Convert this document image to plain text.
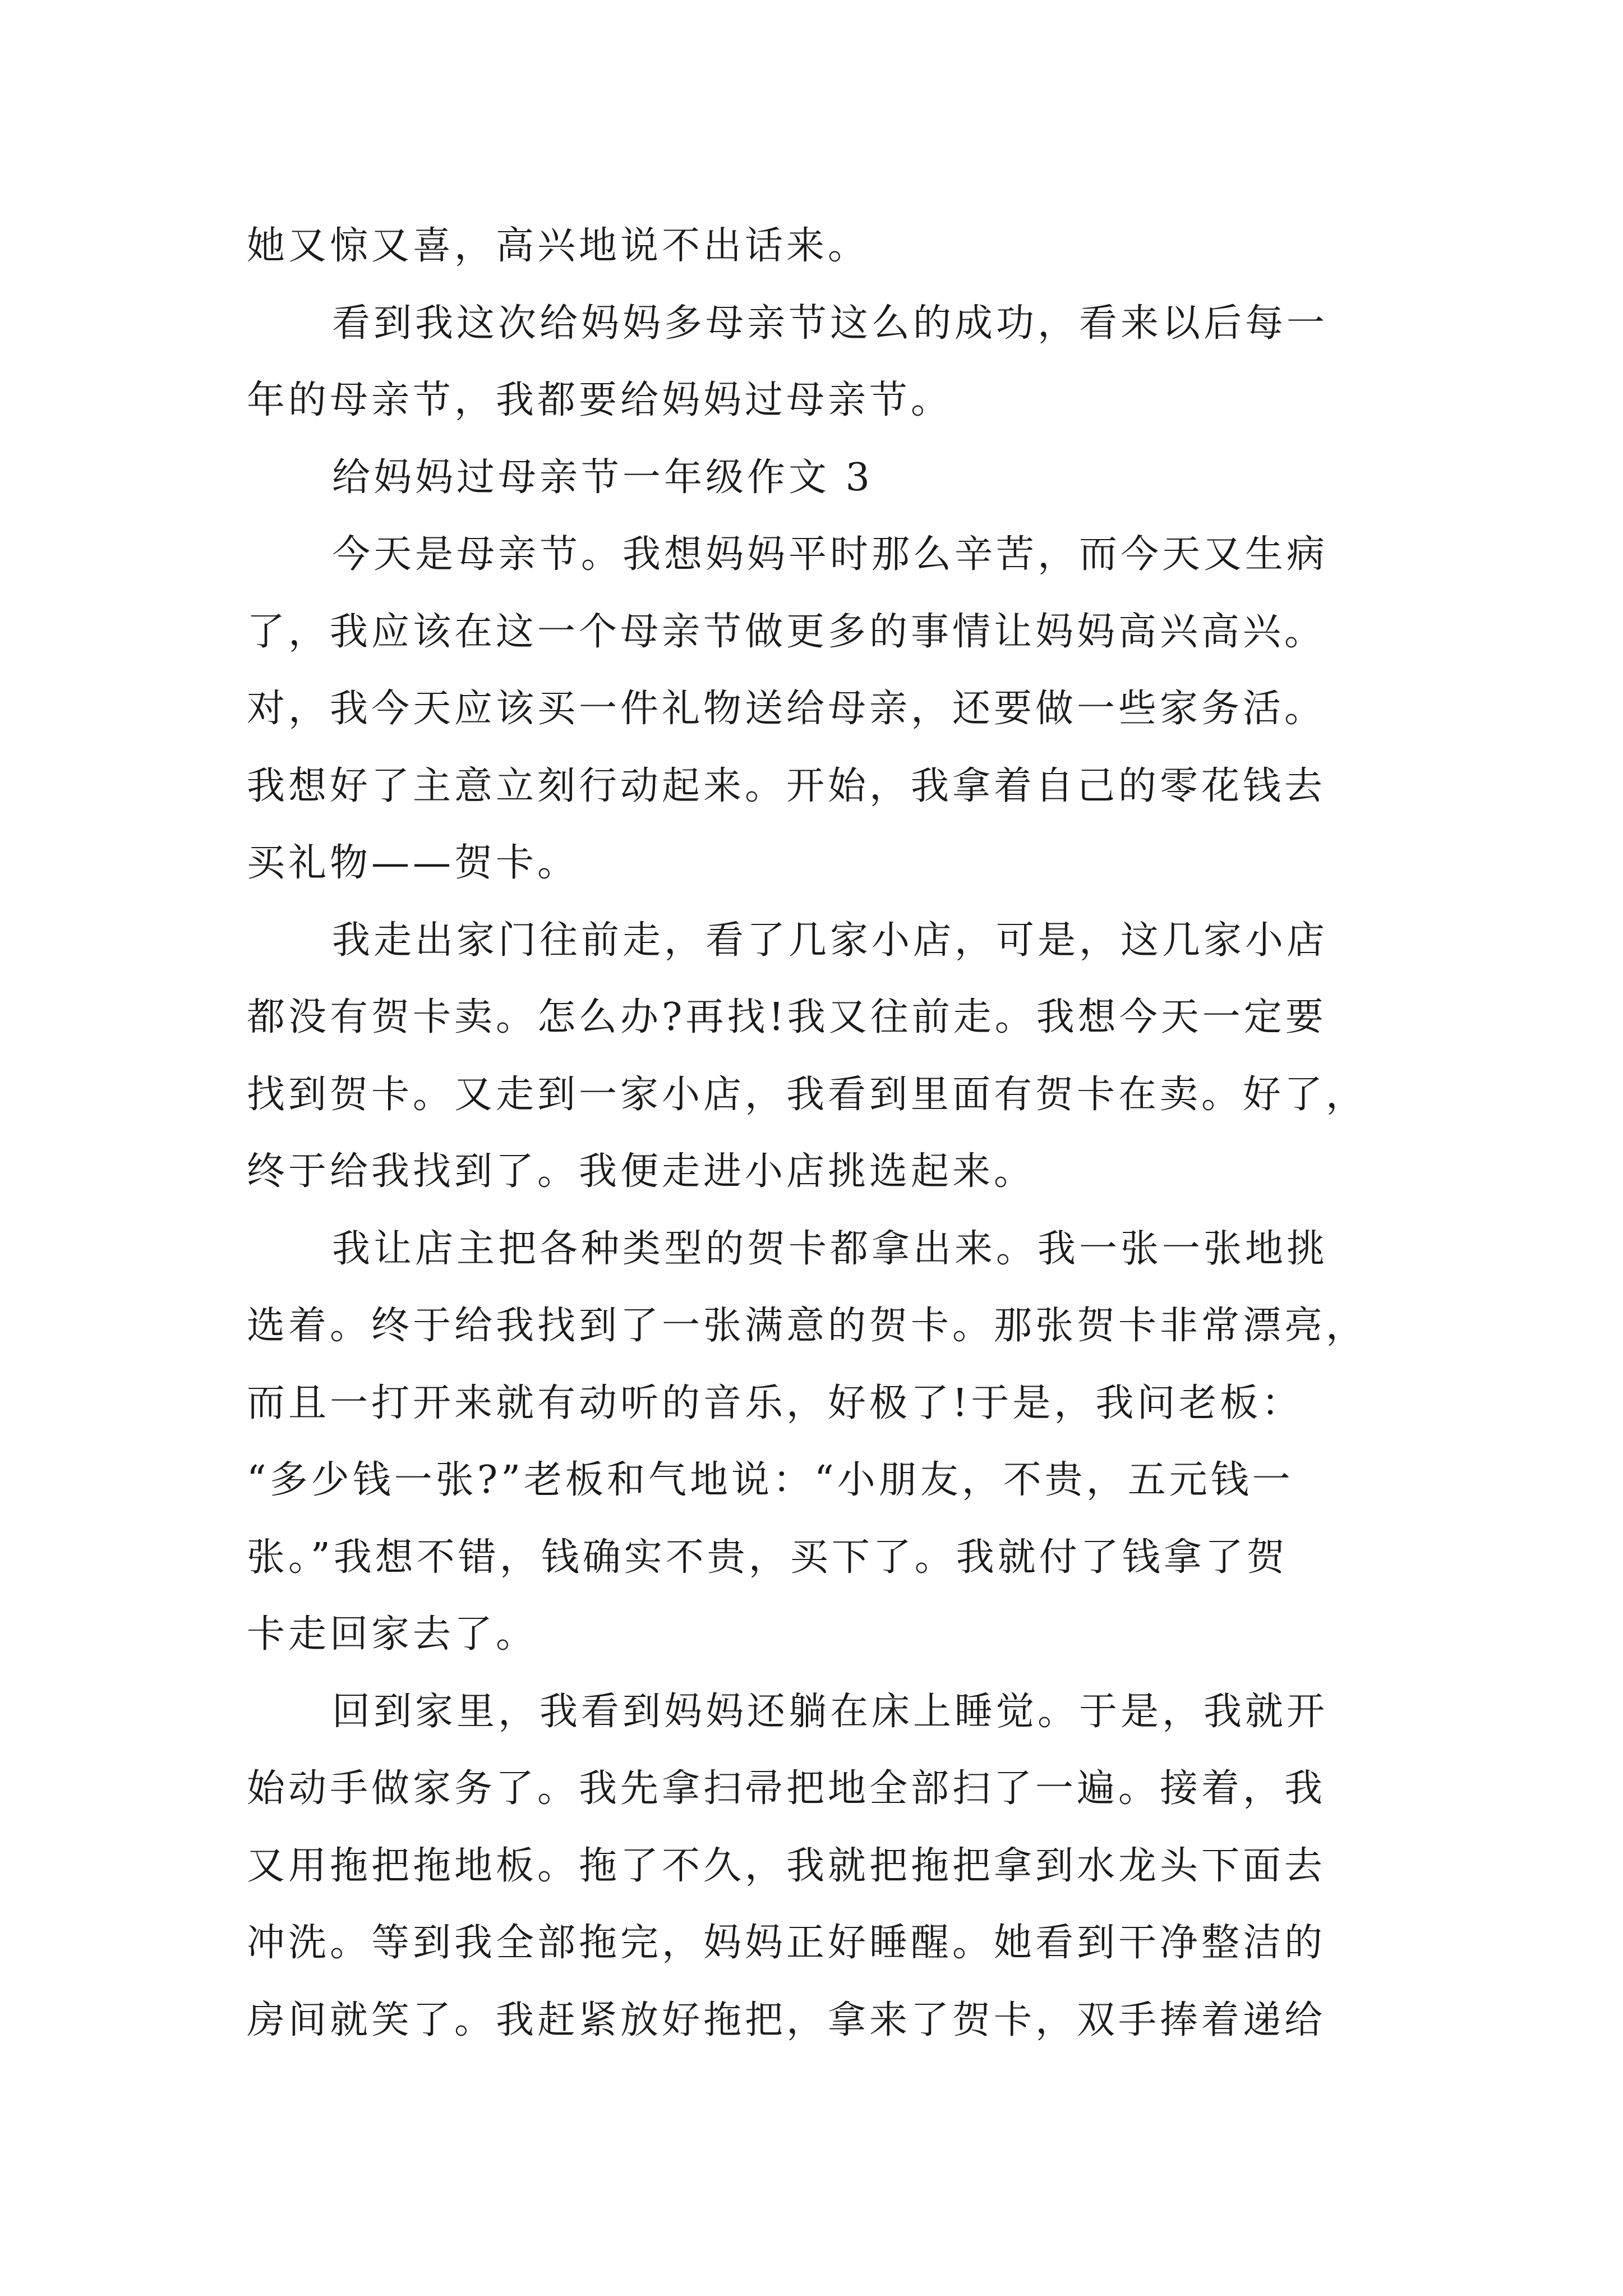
她又惊又喜，高兴地说不出话来。
看到我这次给妈妈多母亲节这么的成功，看来以后每一
年的母亲节，我都要给妈妈过母亲节。
给妈妈过母亲节一年级作文 3
今天是母亲节。我想妈妈平时那么辛苦，而今天又生病
了，我应该在这一个母亲节做更多的事情让妈妈高兴高兴。
对，我今天应该买一件礼物送给母亲，还要做一些家务活。
我想好了主意立刻行动起来。开始，我拿着自己的零花钱去
买礼物——贺卡。
我走出家门往前走，看了几家小店，可是，这几家小店
都没有贺卡卖。怎么办?再找!我又往前走。我想今天一定要
找到贺卡。又走到一家小店，我看到里面有贺卡在卖。好了，
终于给我找到了。我便走进小店挑选起来。
我让店主把各种类型的贺卡都拿出来。我一张一张地挑
选着。终于给我找到了一张满意的贺卡。那张贺卡非常漂亮，
而且一打开来就有动听的音乐，好极了!于是，我问老板：
“多少钱一张?”老板和气地说：“小朋友，不贵，五元钱一
张。”我想不错，钱确实不贵，买下了。我就付了钱拿了贺
卡走回家去了。
回到家里，我看到妈妈还躺在床上睡觉。于是，我就开
始动手做家务了。我先拿扫帚把地全部扫了一遍。接着，我
又用拖把拖地板。拖了不久，我就把拖把拿到水龙头下面去
冲洗。等到我全部拖完，妈妈正好睡醒。她看到干净整洁的
房间就笑了。我赶紧放好拖把，拿来了贺卡，双手捧着递给
